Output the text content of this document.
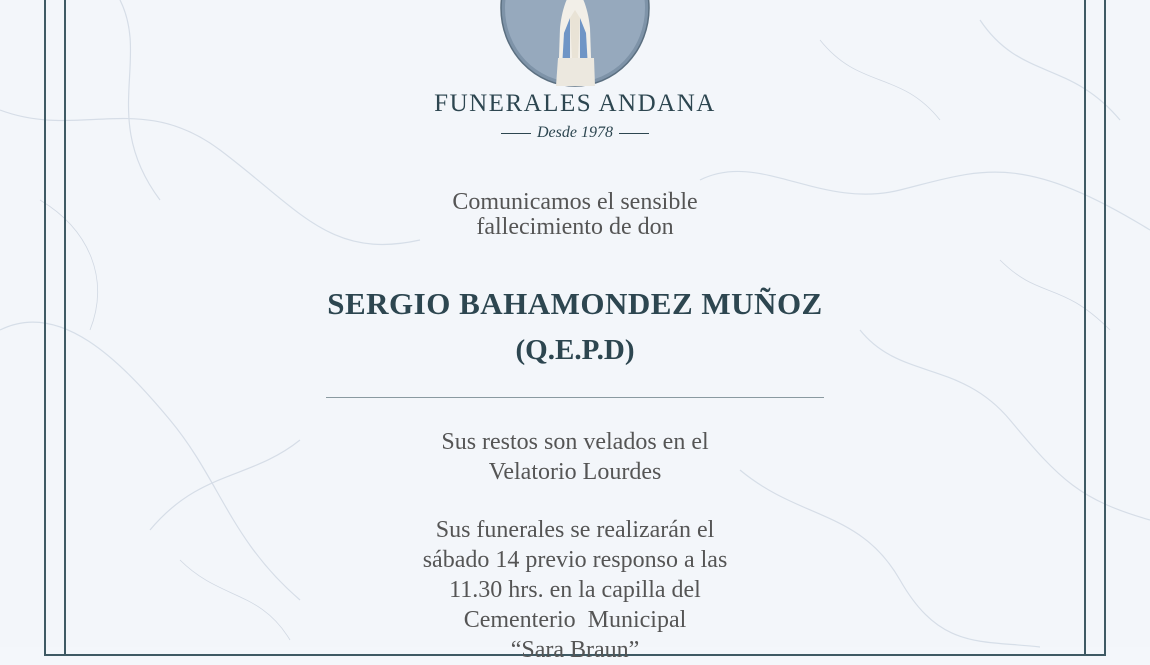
FUNERALES ANDANA
Desde 1978
Comunicamos el sensible
fallecimiento de don
SERGIO BAHAMONDEZ MUÑOZ
(Q.E.P.D)
Sus restos son velados en el
Velatorio Lourdes
Sus funerales se realizarán el
sábado 14 previo responso a las
11.30 hrs. en la capilla del
Cementerio  Municipal
“Sara Braun”
